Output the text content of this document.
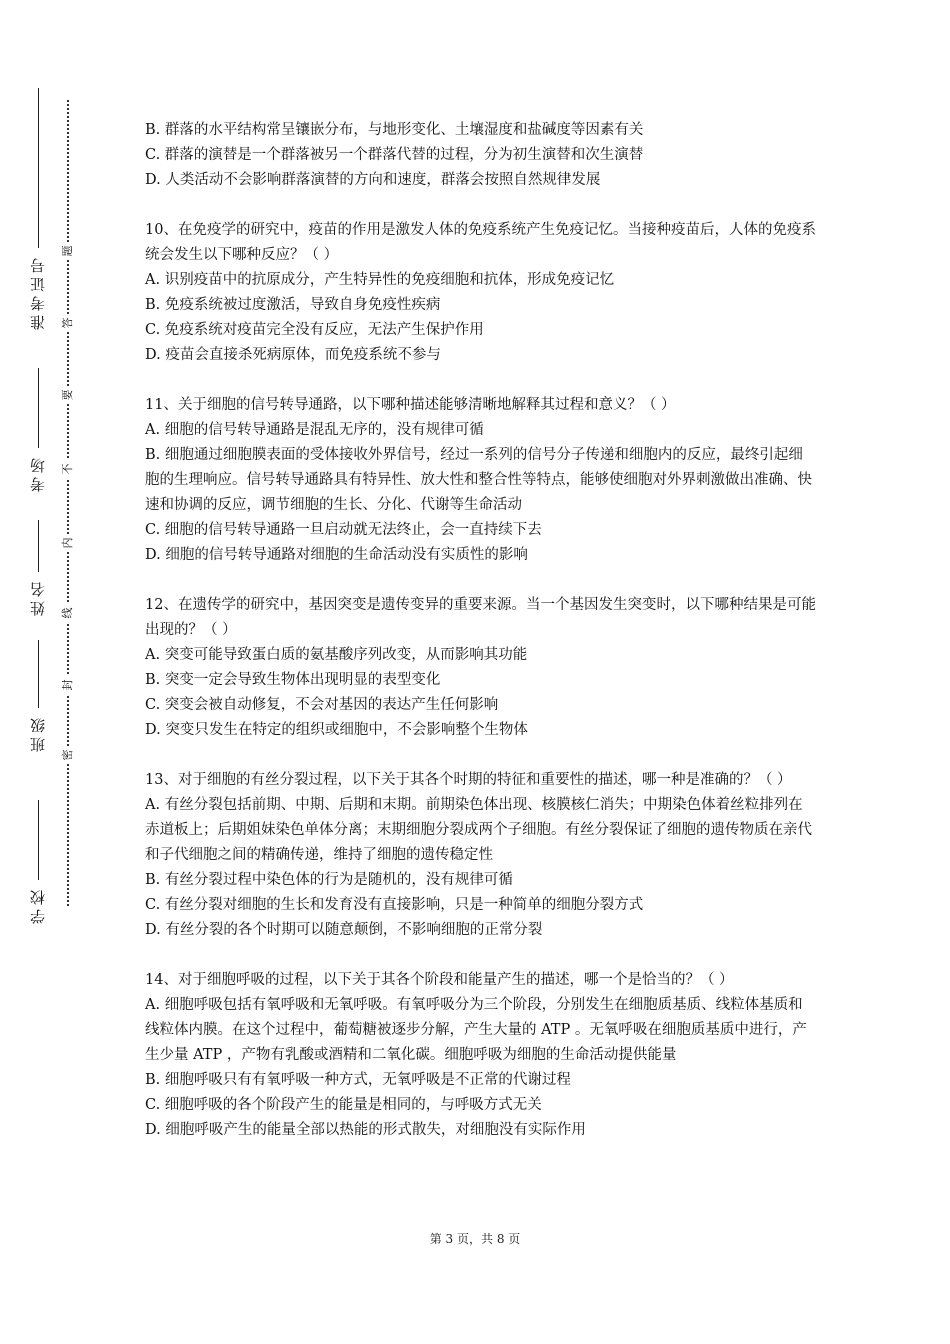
准考证号
考场
姓名
班级
学校
题
答
要
不
内
线
封
密

B. 群落的水平结构常呈镶嵌分布，与地形变化、土壤湿度和盐碱度等因素有关

C. 群落的演替是一个群落被另一个群落代替的过程，分为初生演替和次生演替

D. 人类活动不会影响群落演替的方向和速度，群落会按照自然规律发展

10、在免疫学的研究中，疫苗的作用是激发人体的免疫系统产生免疫记忆。当接种疫苗后，人体的免疫系统会发生以下哪种反应？（ ）

A. 识别疫苗中的抗原成分，产生特异性的免疫细胞和抗体，形成免疫记忆

B. 免疫系统被过度激活，导致自身免疫性疾病

C. 免疫系统对疫苗完全没有反应，无法产生保护作用

D. 疫苗会直接杀死病原体，而免疫系统不参与

11、关于细胞的信号转导通路，以下哪种描述能够清晰地解释其过程和意义？（ ）

A. 细胞的信号转导通路是混乱无序的，没有规律可循

B. 细胞通过细胞膜表面的受体接收外界信号，经过一系列的信号分子传递和细胞内的反应，最终引起细胞的生理响应。信号转导通路具有特异性、放大性和整合性等特点，能够使细胞对外界刺激做出准确、快速和协调的反应，调节细胞的生长、分化、代谢等生命活动

C. 细胞的信号转导通路一旦启动就无法终止，会一直持续下去

D. 细胞的信号转导通路对细胞的生命活动没有实质性的影响

12、在遗传学的研究中，基因突变是遗传变异的重要来源。当一个基因发生突变时，以下哪种结果是可能出现的？（ ）

A. 突变可能导致蛋白质的氨基酸序列改变，从而影响其功能

B. 突变一定会导致生物体出现明显的表型变化

C. 突变会被自动修复，不会对基因的表达产生任何影响

D. 突变只发生在特定的组织或细胞中，不会影响整个生物体

13、对于细胞的有丝分裂过程，以下关于其各个时期的特征和重要性的描述，哪一种是准确的？（ ）

A. 有丝分裂包括前期、中期、后期和末期。前期染色体出现、核膜核仁消失；中期染色体着丝粒排列在赤道板上；后期姐妹染色单体分离；末期细胞分裂成两个子细胞。有丝分裂保证了细胞的遗传物质在亲代和子代细胞之间的精确传递，维持了细胞的遗传稳定性

B. 有丝分裂过程中染色体的行为是随机的，没有规律可循

C. 有丝分裂对细胞的生长和发育没有直接影响，只是一种简单的细胞分裂方式

D. 有丝分裂的各个时期可以随意颠倒，不影响细胞的正常分裂

14、对于细胞呼吸的过程，以下关于其各个阶段和能量产生的描述，哪一个是恰当的？（ ）

A. 细胞呼吸包括有氧呼吸和无氧呼吸。有氧呼吸分为三个阶段，分别发生在细胞质基质、线粒体基质和线粒体内膜。在这个过程中，葡萄糖被逐步分解，产生大量的 ATP 。无氧呼吸在细胞质基质中进行，产生少量 ATP ，产物有乳酸或酒精和二氧化碳。细胞呼吸为细胞的生命活动提供能量

B. 细胞呼吸只有有氧呼吸一种方式，无氧呼吸是不正常的代谢过程

C. 细胞呼吸的各个阶段产生的能量是相同的，与呼吸方式无关

D. 细胞呼吸产生的能量全部以热能的形式散失，对细胞没有实际作用

第 3 页，共 8 页
